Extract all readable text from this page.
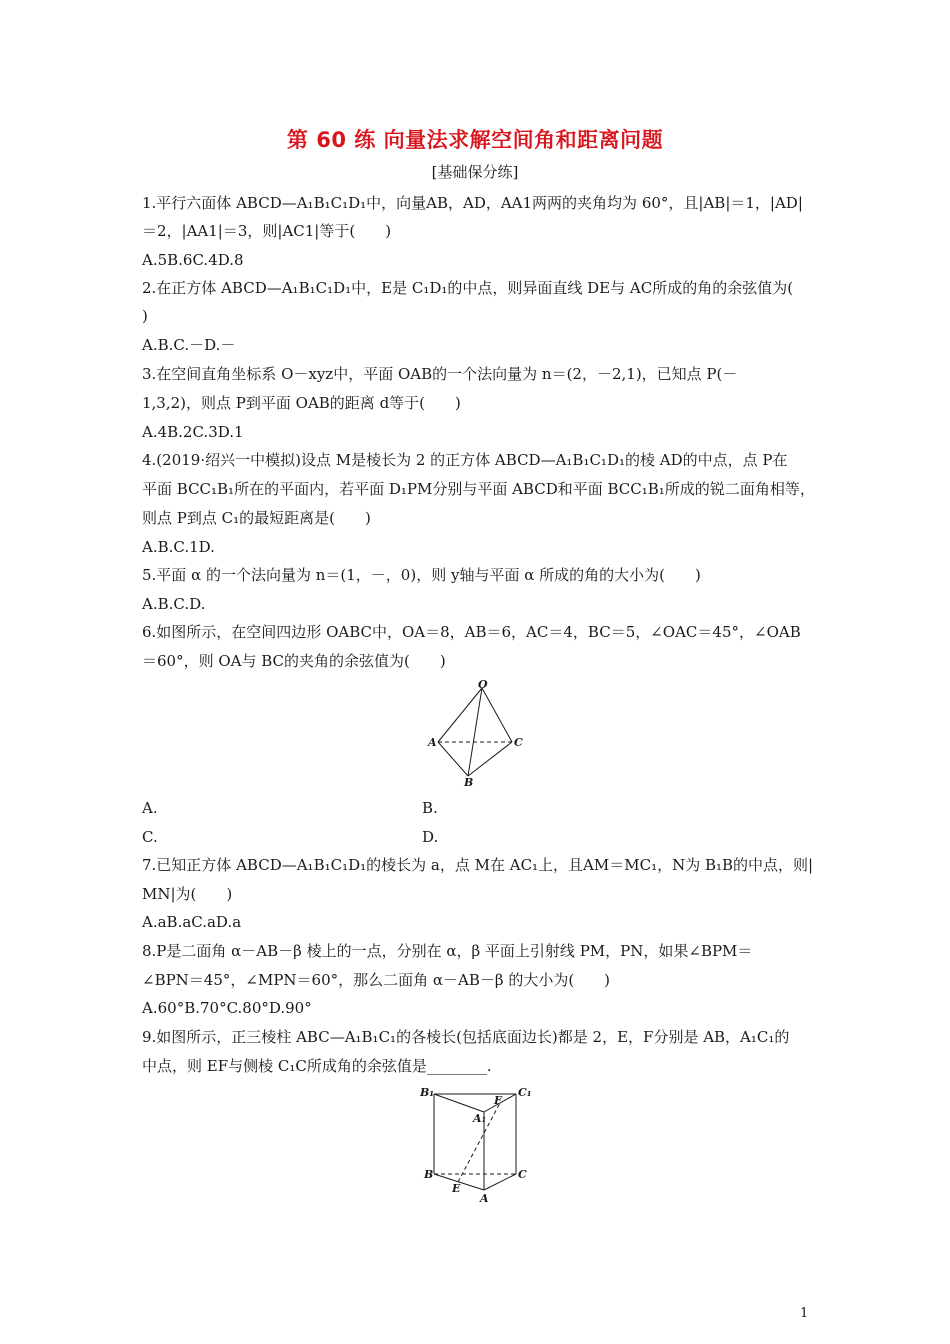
第 60 练 向量法求解空间角和距离问题
[基础保分练]
1.平行六面体 ABCD—A₁B₁C₁D₁中，向量AB，AD，AA1两两的夹角均为 60°，且|AB|＝1，|AD|
＝2，|AA1|＝3，则|AC1|等于(　　)
A.5B.6C.4D.8
2.在正方体 ABCD—A₁B₁C₁D₁中，E是 C₁D₁的中点，则异面直线 DE与 AC所成的角的余弦值为(
)
A.B.C.－D.－
3.在空间直角坐标系 O－xyz中，平面 OAB的一个法向量为 n＝(2，－2,1)，已知点 P(－
1,3,2)，则点 P到平面 OAB的距离 d等于(　　)
A.4B.2C.3D.1
4.(2019·绍兴一中模拟)设点 M是棱长为 2 的正方体 ABCD—A₁B₁C₁D₁的棱 AD的中点，点 P在
平面 BCC₁B₁所在的平面内，若平面 D₁PM分别与平面 ABCD和平面 BCC₁B₁所成的锐二面角相等，
则点 P到点 C₁的最短距离是(　　)
A.B.C.1D.
5.平面 α 的一个法向量为 n＝(1，－，0)，则 y轴与平面 α 所成的角的大小为(　　)
A.B.C.D.
6.如图所示，在空间四边形 OABC中，OA＝8，AB＝6，AC＝4，BC＝5，∠OAC＝45°，∠OAB
＝60°，则 OA与 BC的夹角的余弦值为(　　)
O
A
B
C
A.	B.
C.	D.
7.已知正方体 ABCD—A₁B₁C₁D₁的棱长为 a，点 M在 AC₁上，且AM＝MC₁，N为 B₁B的中点，则|
MN|为(　　)
A.aB.aC.aD.a
8.P是二面角 α－AB－β 棱上的一点，分别在 α，β 平面上引射线 PM，PN，如果∠BPM＝
∠BPN＝45°，∠MPN＝60°，那么二面角 α－AB－β 的大小为(　　)
A.60°B.70°C.80°D.90°
9.如图所示，正三棱柱 ABC—A₁B₁C₁的各棱长(包括底面边长)都是 2，E，F分别是 AB，A₁C₁的
中点，则 EF与侧棱 C₁C所成角的余弦值是________.
B₁	C₁
A₁
F
B	C
A
E
1
